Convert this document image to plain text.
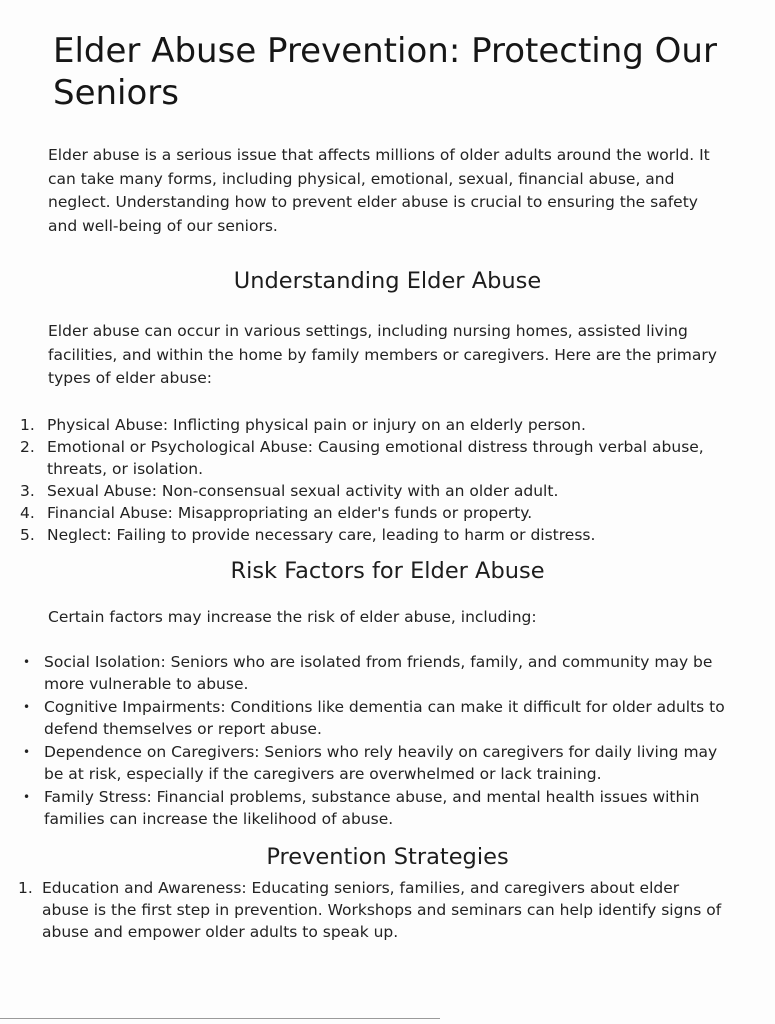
Elder Abuse Prevention: Protecting Our Seniors

Elder abuse is a serious issue that affects millions of older adults around the world. It can take many forms, including physical, emotional, sexual, financial abuse, and neglect. Understanding how to prevent elder abuse is crucial to ensuring the safety and well-being of our seniors.

Understanding Elder Abuse

Elder abuse can occur in various settings, including nursing homes, assisted living facilities, and within the home by family members or caregivers. Here are the primary types of elder abuse:

1. Physical Abuse: Inflicting physical pain or injury on an elderly person.
2. Emotional or Psychological Abuse: Causing emotional distress through verbal abuse, threats, or isolation.
3. Sexual Abuse: Non-consensual sexual activity with an older adult.
4. Financial Abuse: Misappropriating an elder's funds or property.
5. Neglect: Failing to provide necessary care, leading to harm or distress.
Risk Factors for Elder Abuse

Certain factors may increase the risk of elder abuse, including:

• Social Isolation: Seniors who are isolated from friends, family, and community may be more vulnerable to abuse.
• Cognitive Impairments: Conditions like dementia can make it difficult for older adults to defend themselves or report abuse.
• Dependence on Caregivers: Seniors who rely heavily on caregivers for daily living may be at risk, especially if the caregivers are overwhelmed or lack training.
• Family Stress: Financial problems, substance abuse, and mental health issues within families can increase the likelihood of abuse.
Prevention Strategies
1. Education and Awareness: Educating seniors, families, and caregivers about elder abuse is the first step in prevention. Workshops and seminars can help identify signs of abuse and empower older adults to speak up.
